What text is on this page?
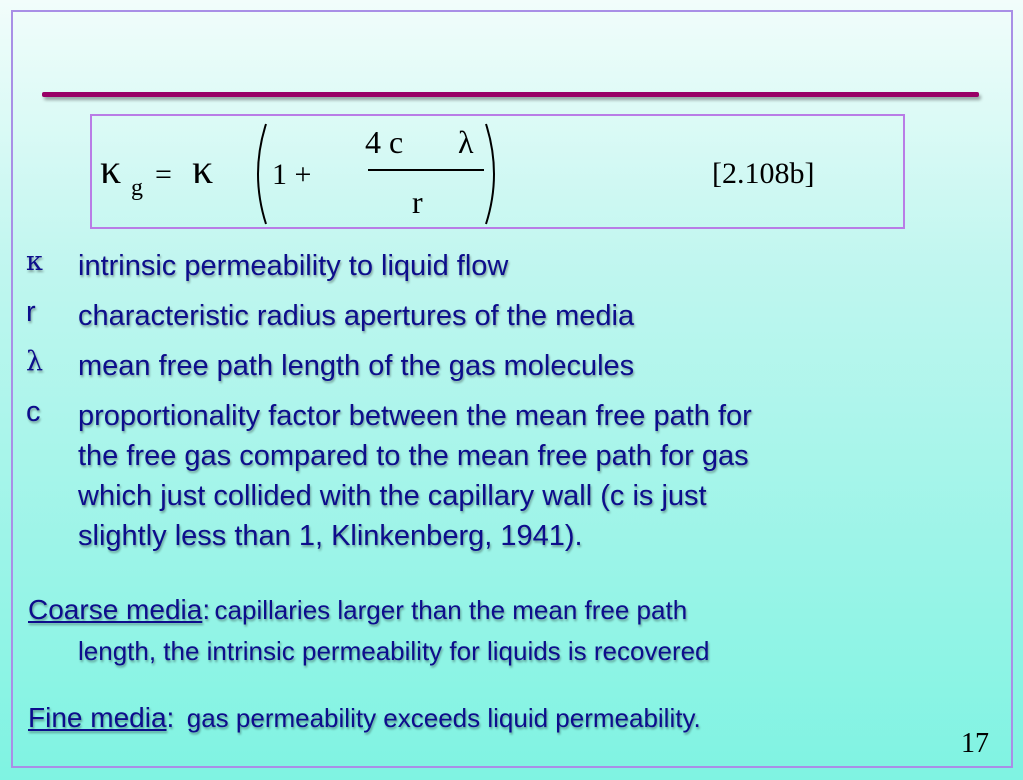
κ g = κ 1 +
4 c λ
r
[2.108b]
κ	intrinsic permeability to liquid flow
r	characteristic radius apertures of the media
λ	mean free path length of the gas molecules
c	proportionality factor between the mean free path for
the free gas compared to the mean free path for gas
which just collided with the capillary wall (c is just
slightly less than 1, Klinkenberg, 1941).
Coarse media: capillaries larger than the mean free path
length, the intrinsic permeability for liquids is recovered
Fine media: gas permeability exceeds liquid permeability.
17
